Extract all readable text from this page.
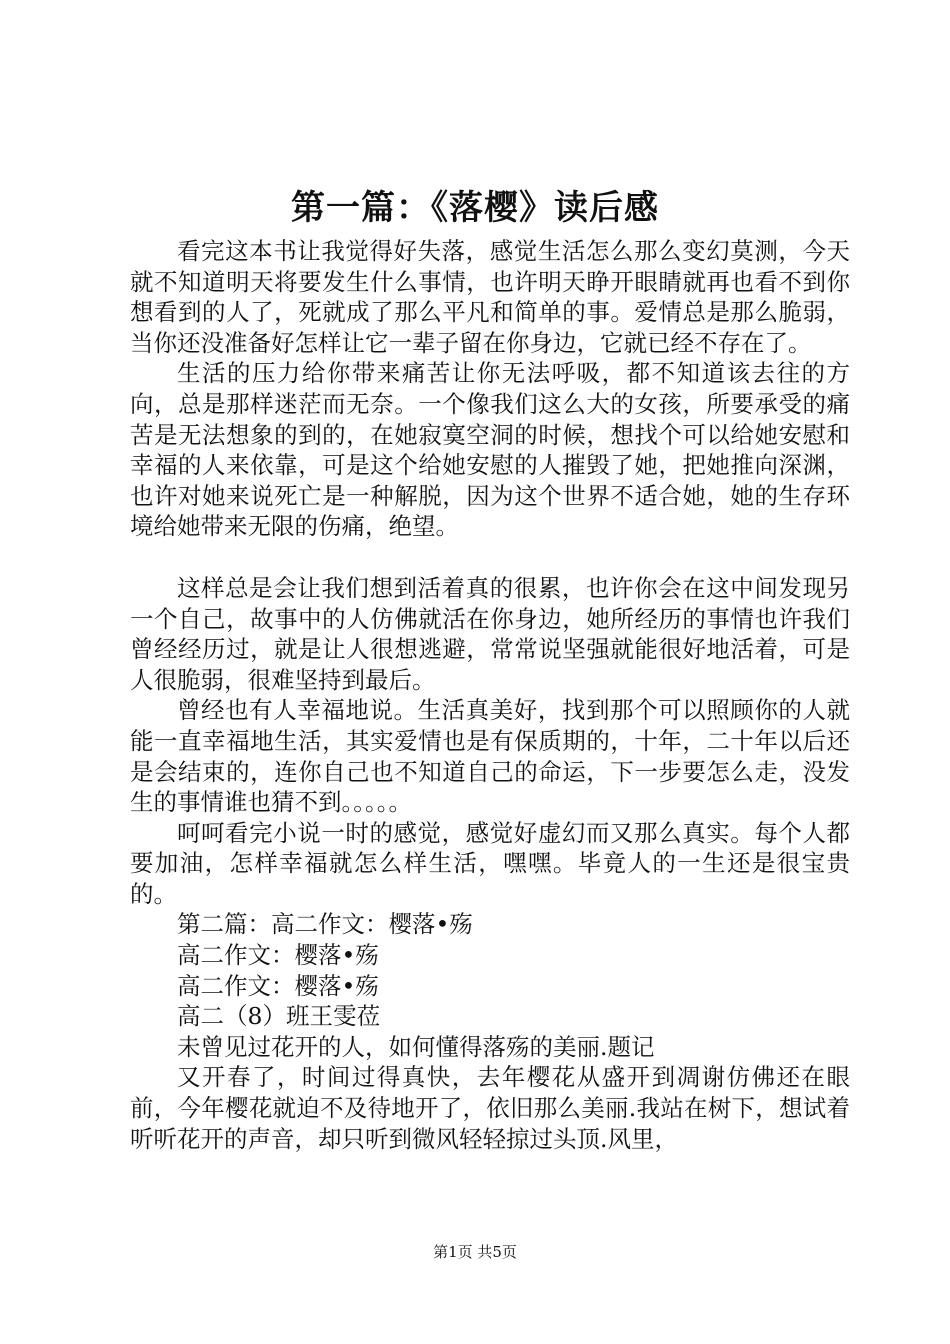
第一篇：《落樱》读后感

看完这本书让我觉得好失落，感觉生活怎么那么变幻莫测，今天就不知道明天将要发生什么事情，也许明天睁开眼睛就再也看不到你想看到的人了，死就成了那么平凡和简单的事。爱情总是那么脆弱，当你还没准备好怎样让它一辈子留在你身边，它就已经不存在了。

生活的压力给你带来痛苦让你无法呼吸，都不知道该去往的方向，总是那样迷茫而无奈。一个像我们这么大的女孩，所要承受的痛苦是无法想象的到的，在她寂寞空洞的时候，想找个可以给她安慰和幸福的人来依靠，可是这个给她安慰的人摧毁了她，把她推向深渊，也许对她来说死亡是一种解脱，因为这个世界不适合她，她的生存环境给她带来无限的伤痛，绝望。

这样总是会让我们想到活着真的很累，也许你会在这中间发现另一个自己，故事中的人仿佛就活在你身边，她所经历的事情也许我们曾经经历过，就是让人很想逃避，常常说坚强就能很好地活着，可是人很脆弱，很难坚持到最后。

曾经也有人幸福地说。生活真美好，找到那个可以照顾你的人就能一直幸福地生活，其实爱情也是有保质期的，十年，二十年以后还是会结束的，连你自己也不知道自己的命运，下一步要怎么走，没发生的事情谁也猜不到。。。。。

呵呵看完小说一时的感觉，感觉好虚幻而又那么真实。每个人都要加油，怎样幸福就怎么样生活，嘿嘿。毕竟人的一生还是很宝贵的。

第二篇：高二作文：樱落•殇

高二作文：樱落•殇

高二作文：樱落•殇

高二（8）班王雯莅

未曾见过花开的人，如何懂得落殇的美丽.题记

又开春了，时间过得真快，去年樱花从盛开到凋谢仿佛还在眼前，今年樱花就迫不及待地开了，依旧那么美丽.我站在树下，想试着听听花开的声音，却只听到微风轻轻掠过头顶.风里，

第1页 共5页
